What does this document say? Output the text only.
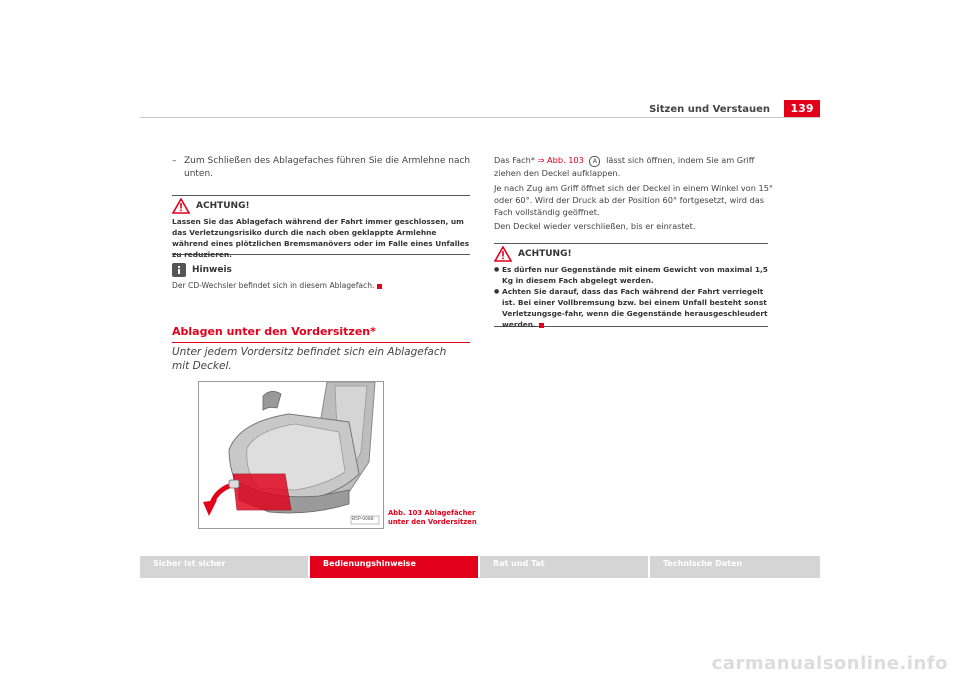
Sitzen und Verstauen	139
– Zum Schließen des Ablagefaches führen Sie die Armlehne nach unten.
ACHTUNG!
Lassen Sie das Ablagefach während der Fahrt immer geschlossen, um das Verletzungsrisiko durch die nach oben geklappte Armlehne während eines plötzlichen Bremsmanövers oder im Falle eines Unfalles zu reduzieren.
Hinweis
Der CD-Wechsler befindet sich in diesem Ablagefach.
Ablagen unter den Vordersitzen*
Unter jedem Vordersitz befindet sich ein Ablagefach mit Deckel.
B5P-0088
Abb. 103 Ablagefächer
unter den Vordersitzen
Das Fach* ⇒ Abb. 103 A lässt sich öffnen, indem Sie am Griff ziehen den Deckel aufklappen.
Je nach Zug am Griff öffnet sich der Deckel in einem Winkel von 15° oder 60°. Wird der Druck ab der Position 60° fortgesetzt, wird das Fach vollständig geöffnet.
Den Deckel wieder verschließen, bis er einrastet.
ACHTUNG!
● Es dürfen nur Gegenstände mit einem Gewicht von maximal 1,5 Kg in diesem Fach abgelegt werden.
● Achten Sie darauf, dass das Fach während der Fahrt verriegelt ist. Bei einer Vollbremsung bzw. bei einem Unfall besteht sonst Verletzungsge-fahr, wenn die Gegenstände herausgeschleudert werden.
Sicher ist sicher	Bedienungshinweise	Rat und Tat	Technische Daten
carmanualsonline.info
